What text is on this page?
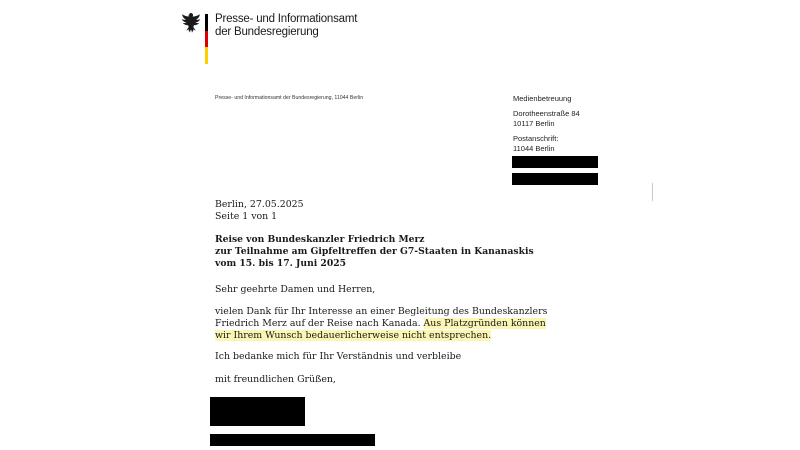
Presse- und Informationsamt
der Bundesregierung
Presse- und Informationsamt der Bundesregierung, 11044 Berlin	Medienbetreuung
Dorotheenstraße 84
10117 Berlin
Postanschrift:
11044 Berlin
Berlin, 27.05.2025
Seite 1 von 1
Reise von Bundeskanzler Friedrich Merz
zur Teilnahme am Gipfeltreffen der G7-Staaten in Kananaskis
vom 15. bis 17. Juni 2025
Sehr geehrte Damen und Herren,
vielen Dank für Ihr Interesse an einer Begleitung des Bundeskanzlers
Friedrich Merz auf der Reise nach Kanada. Aus Platzgründen können
wir Ihrem Wunsch bedauerlicherweise nicht entsprechen.
Ich bedanke mich für Ihr Verständnis und verbleibe
mit freundlichen Grüßen,
